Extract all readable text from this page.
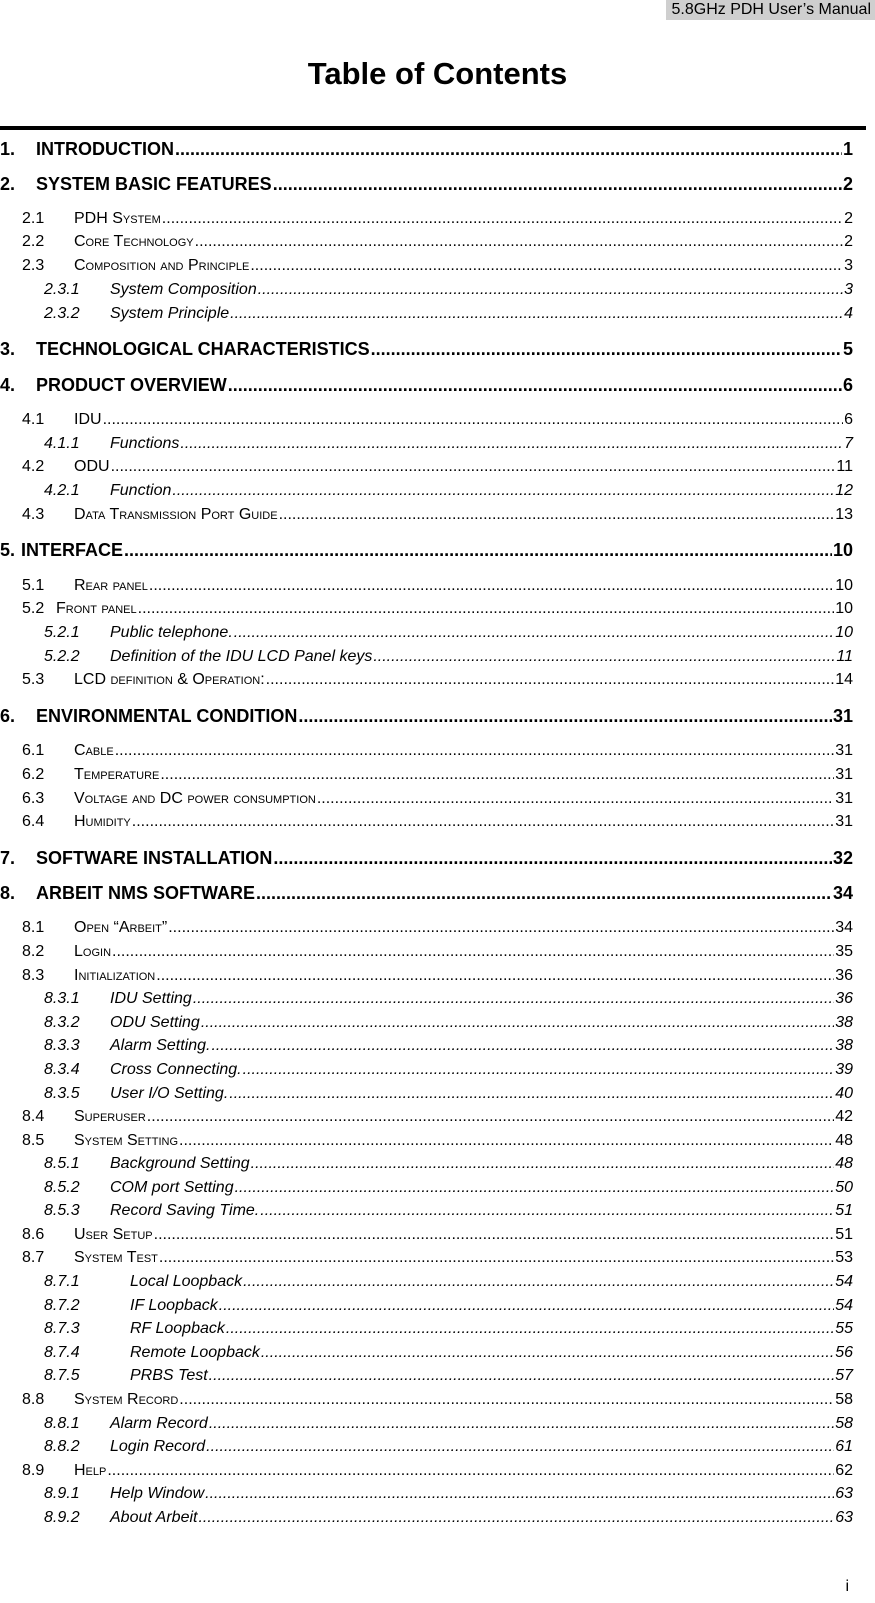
5.8GHz PDH User’s Manual
Table of Contents
1.	INTRODUCTION .....	1
2.	SYSTEM BASIC FEATURES .....	2
2.1	PDH System .....	2
2.2	Core Technology .....	2
2.3	Composition and Principle .....	3
2.3.1	System Composition .....	3
2.3.2	System Principle .....	4
3.	TECHNOLOGICAL CHARACTERISTICS .....	5
4.	PRODUCT OVERVIEW .....	6
4.1	IDU .....	6
4.1.1	Functions .....	7
4.2	ODU .....	11
4.2.1	Function .....	12
4.3	Data Transmission Port Guide .....	13
5. INTERFACE .....	10
5.1	Rear panel .....	10
5.2 Front panel .....	10
5.2.1	Public telephone. .....	10
5.2.2	Definition of the IDU LCD Panel keys .....	11
5.3	LCD definition & Operation: .....	14
6.	ENVIRONMENTAL CONDITION .....	31
6.1	Cable .....	31
6.2	Temperature .....	31
6.3	Voltage and DC power consumption .....	31
6.4	Humidity .....	31
7.	SOFTWARE INSTALLATION .....	32
8.	ARBEIT NMS SOFTWARE .....	34
8.1	Open “Arbeit” .....	34
8.2	Login .....	35
8.3	Initialization .....	36
8.3.1	IDU Setting .....	36
8.3.2	ODU Setting .....	38
8.3.3	Alarm Setting. .....	38
8.3.4	Cross Connecting. .....	39
8.3.5	User I/O Setting. .....	40
8.4	Superuser .....	42
8.5	System Setting .....	48
8.5.1	Background Setting .....	48
8.5.2	COM port Setting .....	50
8.5.3	Record Saving Time. .....	51
8.6	User Setup .....	51
8.7	System Test .....	53
8.7.1	Local Loopback .....	54
8.7.2	IF Loopback .....	54
8.7.3	RF Loopback .....	55
8.7.4	Remote Loopback .....	56
8.7.5	PRBS Test .....	57
8.8	System Record .....	58
8.8.1	Alarm Record .....	58
8.8.2	Login Record .....	61
8.9	Help .....	62
8.9.1	Help Window .....	63
8.9.2	About Arbeit .....	63
i
